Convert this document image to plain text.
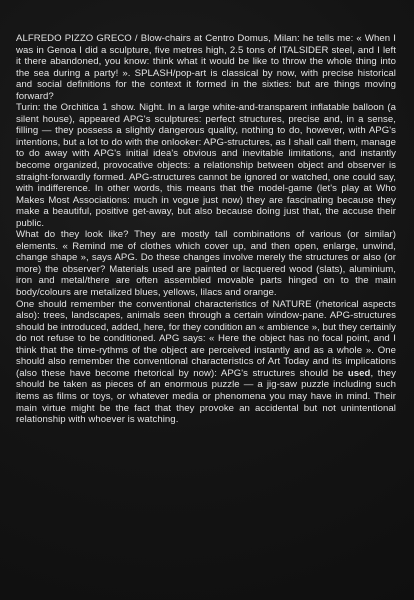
ALFREDO PIZZO GRECO / Blow-chairs at Centro Domus, Milan: he tells me: « When I was in Genoa I did a sculpture, five metres high, 2.5 tons of ITALSIDER steel, and I left it there abandoned, you know: think what it would be like to throw the whole thing into the sea during a party! ». SPLASH/pop-art is classical by now, with precise historical and social definitions for the context it formed in the sixties: but are things moving forward?

Turin: the Orchitica 1 show. Night. In a large white-and-transparent inflatable balloon (a silent house), appeared APG's sculptures: perfect structures, precise and, in a sense, filling — they possess a slightly dangerous quality, nothing to do, however, with APG's intentions, but a lot to do with the onlooker: APG-structures, as I shall call them, manage to do away with APG's initial idea's obvious and inevitable limitations, and instantly become organized, provocative objects: a relationship between object and observer is straight-forwardly formed. APG-structures cannot be ignored or watched, one could say, with indifference. In other words, this means that the model-game (let's play at Who Makes Most Associations: much in vogue just now) they are fascinating because they make a beautiful, positive get-away, but also because doing just that, the accuse their public.

What do they look like? They are mostly tall combinations of various (or similar) elements. « Remind me of clothes which cover up, and then open, enlarge, unwind, change shape », says APG. Do these changes involve merely the structures or also (or more) the observer? Materials used are painted or lacquered wood (slats), aluminium, iron and metal/there are often assembled movable parts hinged on to the main body/colours are metalized blues, yellows, lilacs and orange.

One should remember the conventional characteristics of NATURE (rhetorical aspects also): trees, landscapes, animals seen through a certain window-pane. APG-structures should be introduced, added, here, for they condition an « ambience », but they certainly do not refuse to be conditioned. APG says: « Here the object has no focal point, and I think that the time-rythms of the object are perceived instantly and as a whole ». One should also remember the conventional characteristics of Art Today and its implications (also these have become rhetorical by now): APG's structures should be used, they should be taken as pieces of an enormous puzzle — a jig-saw puzzle including such items as films or toys, or whatever media or phenomena you may have in mind. Their main virtue might be the fact that they provoke an accidental but not unintentional relationship with whoever is watching.
